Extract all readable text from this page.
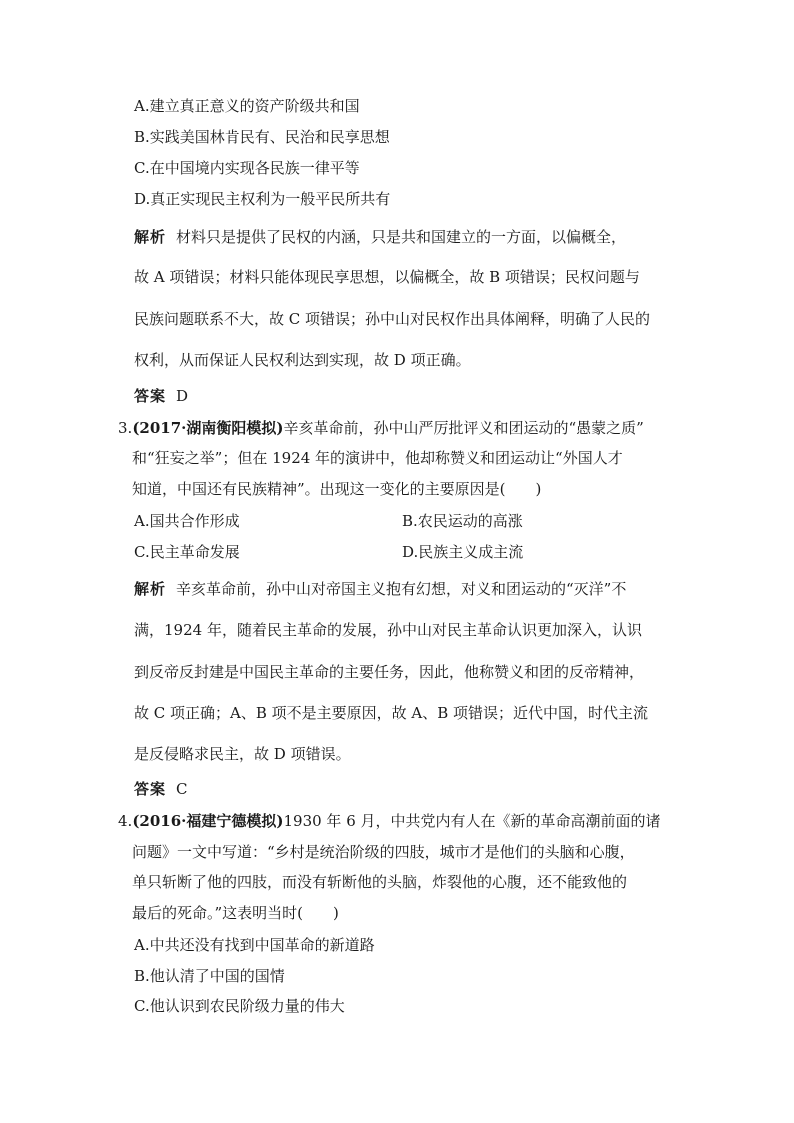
A.建立真正意义的资产阶级共和国
B.实践美国林肯民有、民治和民享思想
C.在中国境内实现各民族一律平等
D.真正实现民主权利为一般平民所共有
解析 材料只是提供了民权的内涵，只是共和国建立的一方面，以偏概全，
故 A 项错误；材料只能体现民享思想，以偏概全，故 B 项错误；民权问题与
民族问题联系不大，故 C 项错误；孙中山对民权作出具体阐释，明确了人民的
权利，从而保证人民权利达到实现，故 D 项正确。
答案 D
3.(2017·湖南衡阳模拟)辛亥革命前，孙中山严厉批评义和团运动的“愚蒙之质”
和“狂妄之举”；但在 1924 年的演讲中，他却称赞义和团运动让“外国人才
知道，中国还有民族精神”。出现这一变化的主要原因是(　　)
A.国共合作形成	B.农民运动的高涨
C.民主革命发展	D.民族主义成主流
解析 辛亥革命前，孙中山对帝国主义抱有幻想，对义和团运动的“灭洋”不
满，1924 年，随着民主革命的发展，孙中山对民主革命认识更加深入，认识
到反帝反封建是中国民主革命的主要任务，因此，他称赞义和团的反帝精神，
故 C 项正确；A、B 项不是主要原因，故 A、B 项错误；近代中国，时代主流
是反侵略求民主，故 D 项错误。
答案 C
4.(2016·福建宁德模拟)1930 年 6 月，中共党内有人在《新的革命高潮前面的诸
问题》一文中写道：“乡村是统治阶级的四肢，城市才是他们的头脑和心腹，
单只斩断了他的四肢，而没有斩断他的头脑，炸裂他的心腹，还不能致他的
最后的死命。”这表明当时(　　)
A.中共还没有找到中国革命的新道路
B.他认清了中国的国情
C.他认识到农民阶级力量的伟大
